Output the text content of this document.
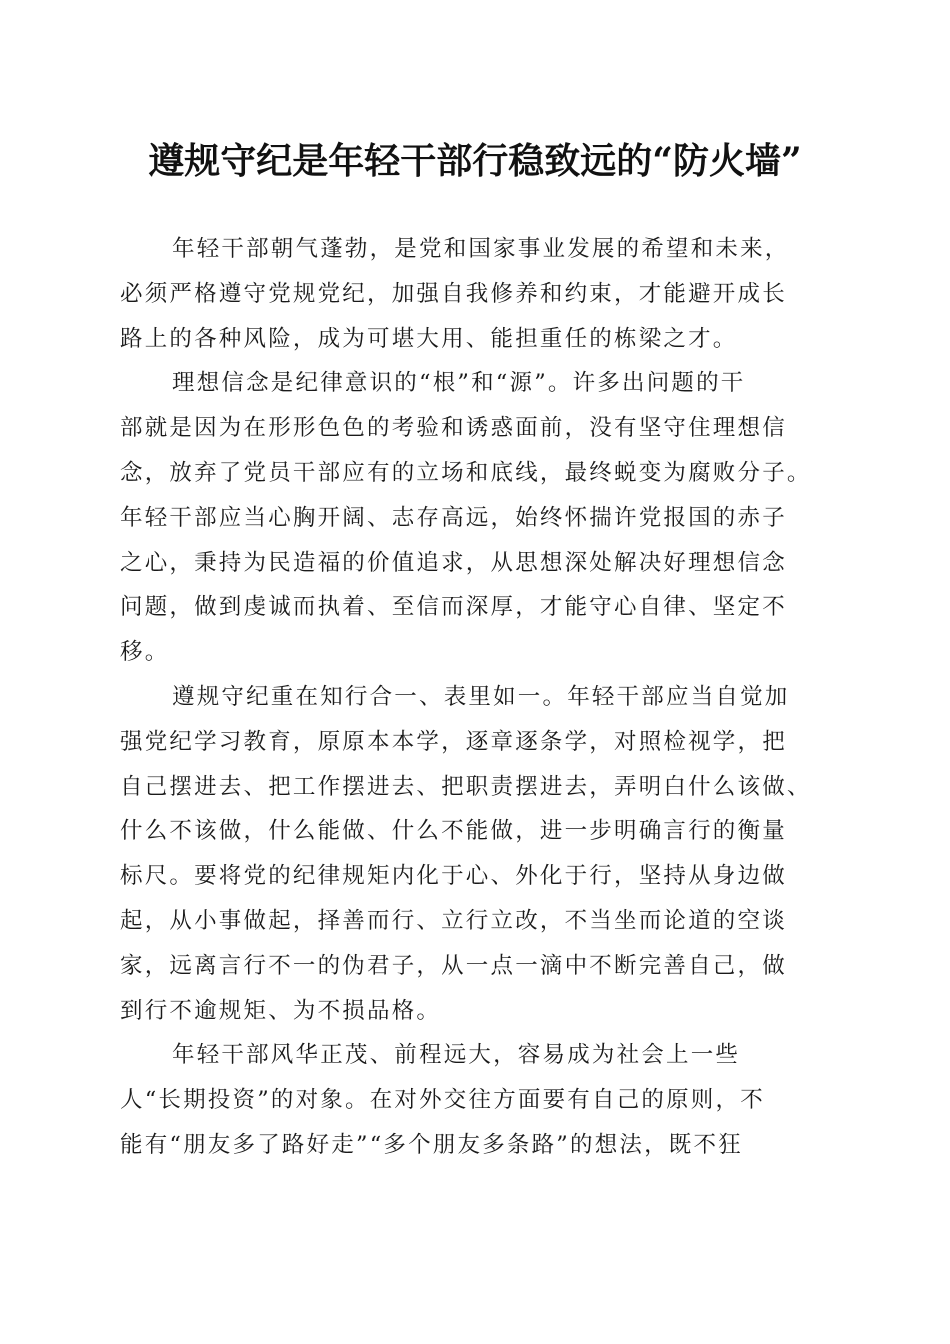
遵规守纪是年轻干部行稳致远的“防火墙”
年轻干部朝气蓬勃，是党和国家事业发展的希望和未来，
必须严格遵守党规党纪，加强自我修养和约束，才能避开成长
路上的各种风险，成为可堪大用、能担重任的栋梁之才。
理想信念是纪律意识的“根”和“源”。许多出问题的干
部就是因为在形形色色的考验和诱惑面前，没有坚守住理想信
念，放弃了党员干部应有的立场和底线，最终蜕变为腐败分子。
年轻干部应当心胸开阔、志存高远，始终怀揣许党报国的赤子
之心，秉持为民造福的价值追求，从思想深处解决好理想信念
问题，做到虔诚而执着、至信而深厚，才能守心自律、坚定不
移。
遵规守纪重在知行合一、表里如一。年轻干部应当自觉加
强党纪学习教育，原原本本学，逐章逐条学，对照检视学，把
自己摆进去、把工作摆进去、把职责摆进去，弄明白什么该做、
什么不该做，什么能做、什么不能做，进一步明确言行的衡量
标尺。要将党的纪律规矩内化于心、外化于行，坚持从身边做
起，从小事做起，择善而行、立行立改，不当坐而论道的空谈
家，远离言行不一的伪君子，从一点一滴中不断完善自己，做
到行不逾规矩、为不损品格。
年轻干部风华正茂、前程远大，容易成为社会上一些
人“长期投资”的对象。在对外交往方面要有自己的原则，不
能有“朋友多了路好走”“多个朋友多条路”的想法，既不狂
